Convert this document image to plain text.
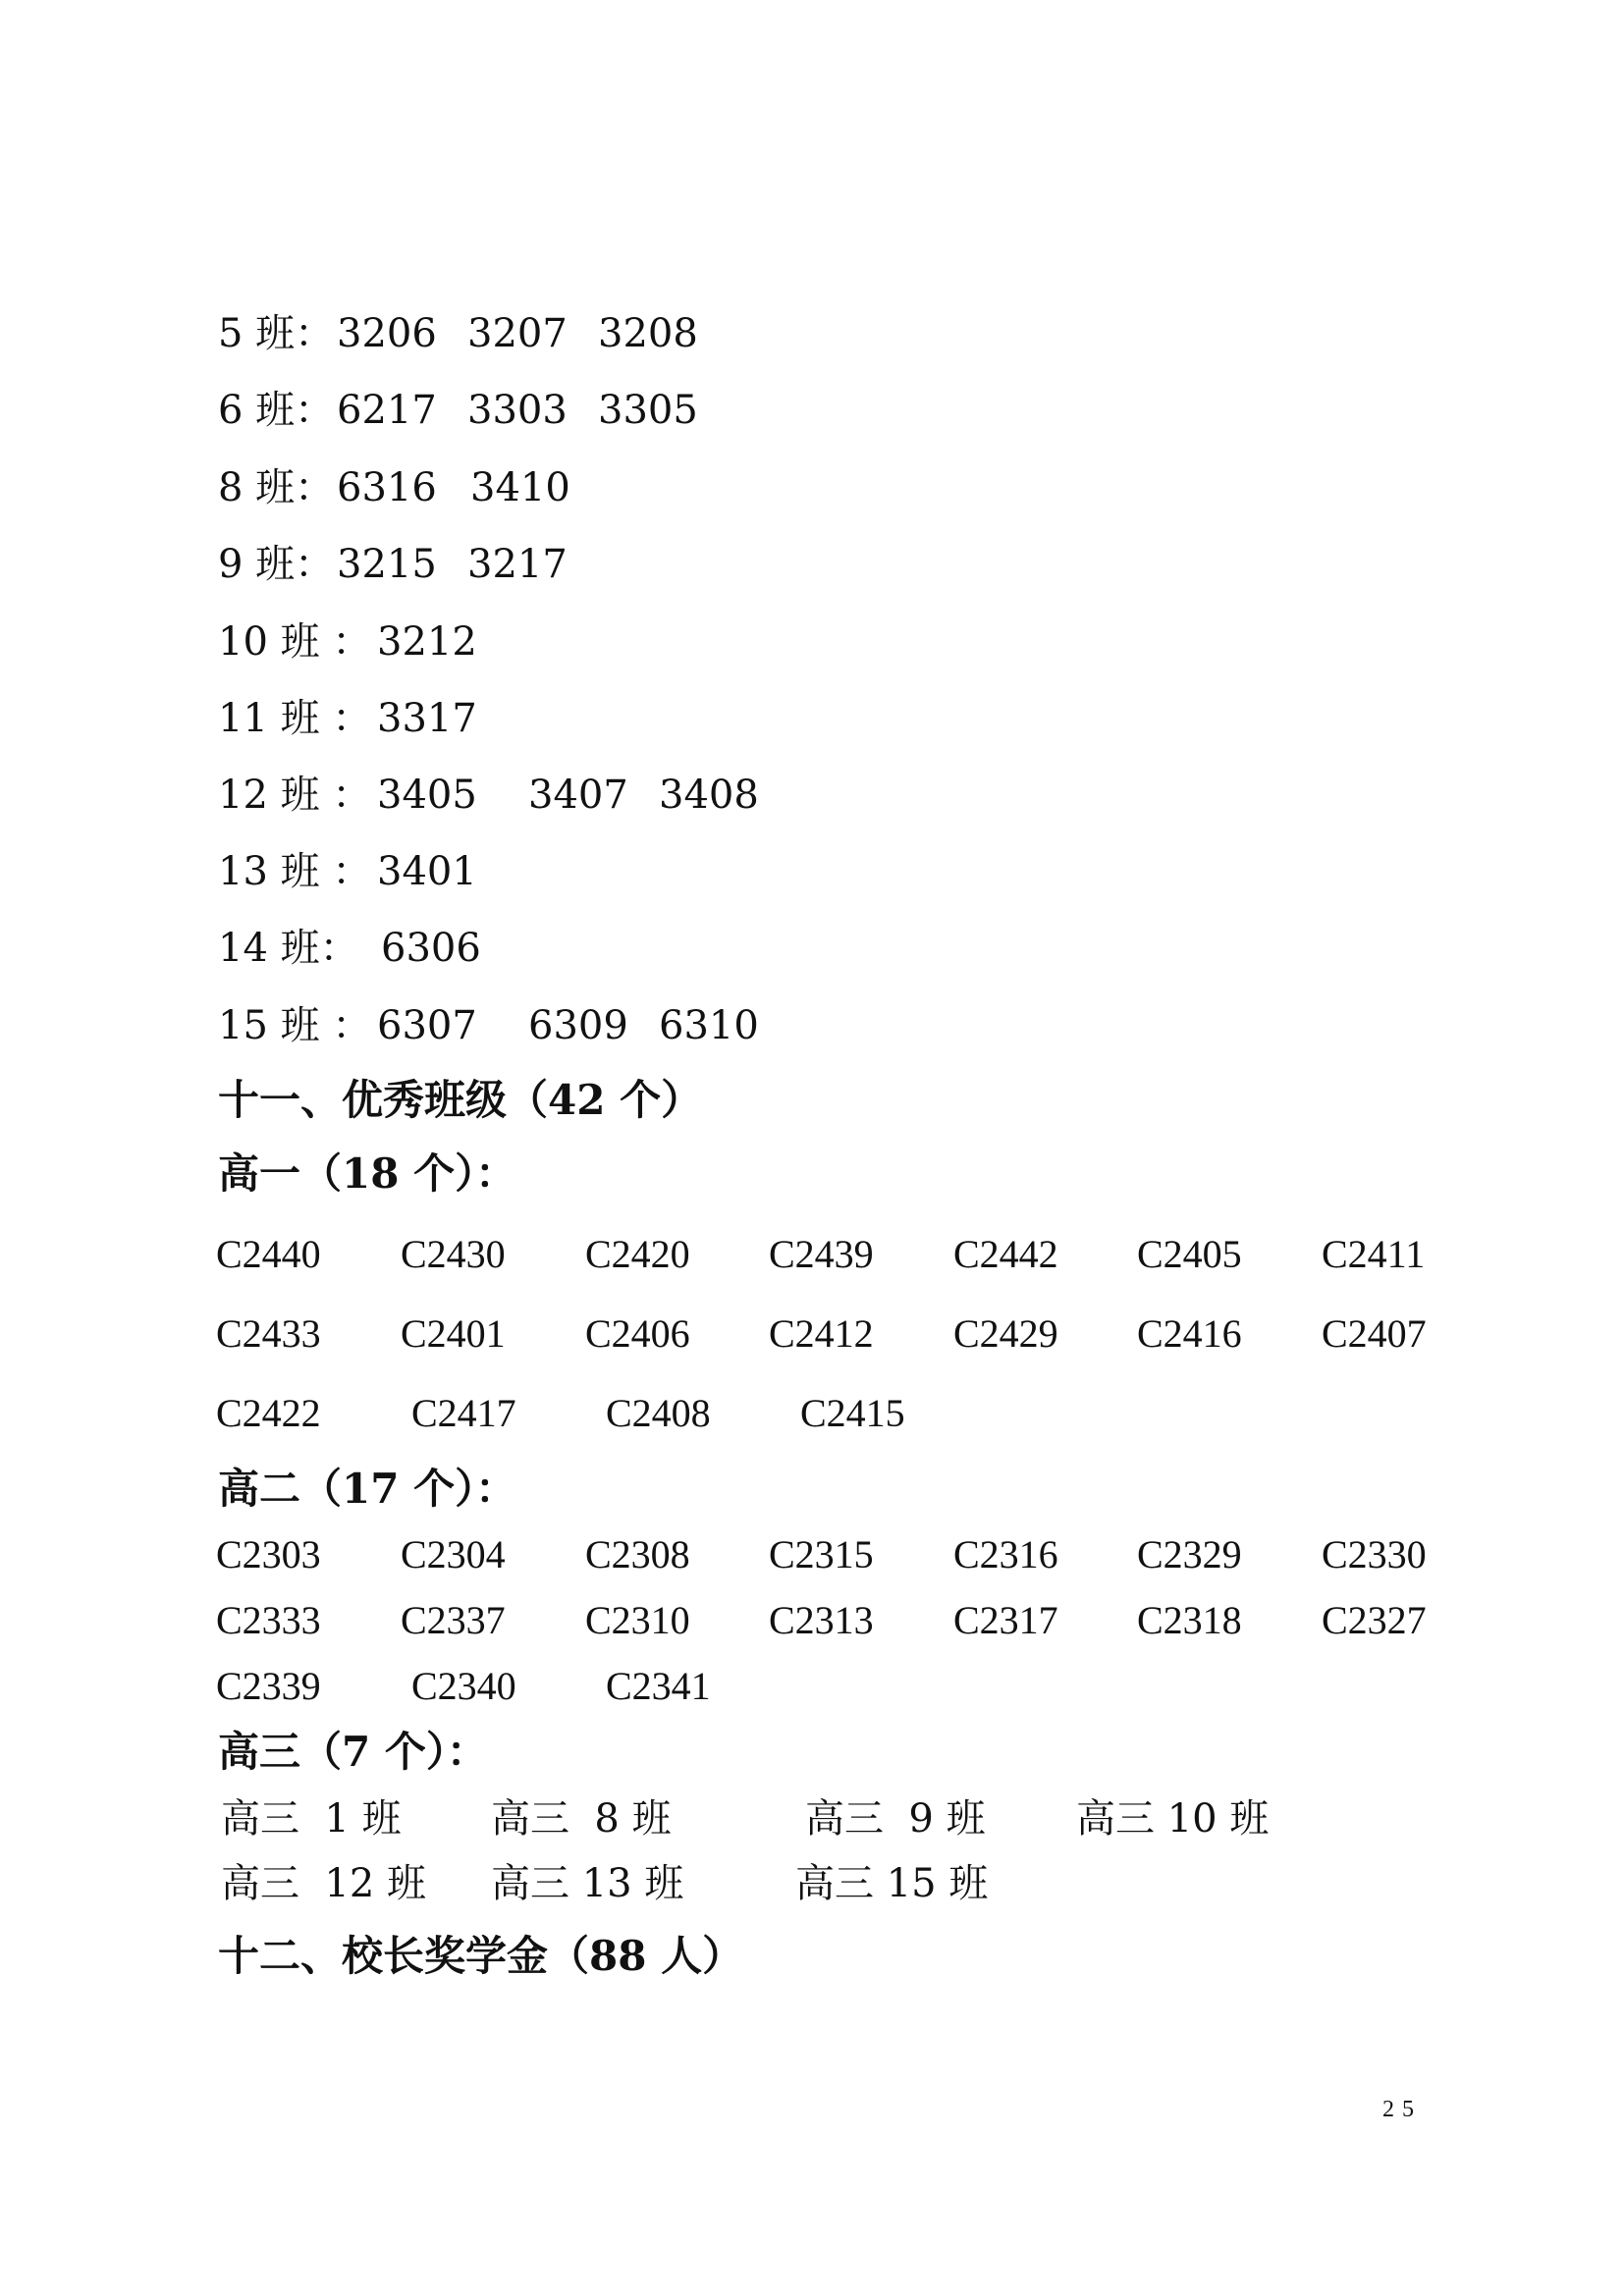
5 班： 3206 3207 3208
6 班： 6217 3303 3305
8 班： 6316 3410
9 班： 3215 3217
10 班 ： 3212
11 班 ： 3317
12 班 ： 3405 3407 3408
13 班 ： 3401
14 班： 6306
15 班 ： 6307 6309 6310
十一、优秀班级（42 个）
高一（18 个）：
C2440 C2430 C2420 C2439 C2442 C2405 C2411
C2433 C2401 C2406 C2412 C2429 C2416 C2407
C2422 C2417 C2408 C2415
高二（17 个）：
C2303 C2304 C2308 C2315 C2316 C2329 C2330
C2333 C2337 C2310 C2313 C2317 C2318 C2327
C2339 C2340 C2341
高三（7 个）：
高三  1 班 高三  8 班	高三  9 班 高三 10 班
高三  12 班 高三 13 班	高三 15 班
十二、校长奖学金（88 人）
25
